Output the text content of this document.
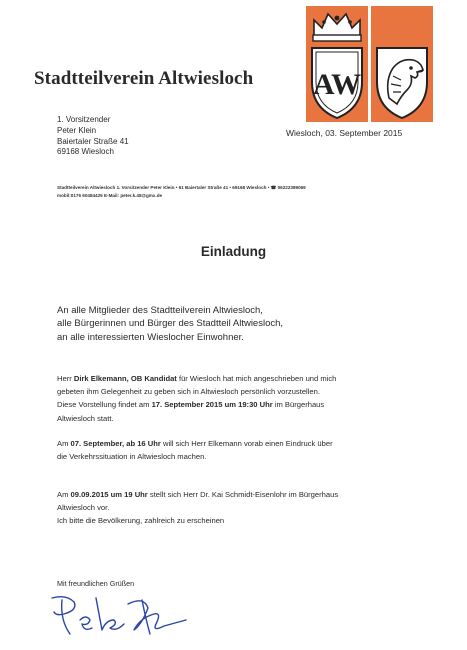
Stadtteilverein Altwiesloch AW
1. Vorsitzender
Peter Klein
Baiertaler Straße 41
69168 Wiesloch
Wiesloch, 03. September 2015
Stadtteilverein Altwiesloch 1. Vorsitzender Peter Klein • 61 Baiertaler Straße 41 • 69168 Wiesloch • ☎ 06222389069
mobil:0176 60484425 E-Mail: peter.k.48@gmx.de
Einladung
An alle Mitglieder des Stadtteilverein Altwiesloch,
alle Bürgerinnen und Bürger des Stadtteil Altwiesloch,
an alle interessierten Wieslocher Einwohner.
Herr Dirk Elkemann, OB Kandidat für Wiesloch hat mich angeschrieben und mich
gebeten ihm Gelegenheit zu geben sich in Altwiesloch persönlich vorzustellen.
Diese Vorstellung findet am 17. September 2015 um 19:30 Uhr im Bürgerhaus
Altwiesloch statt.
Am 07. September, ab 16 Uhr will sich Herr Elkemann vorab einen Eindruck über
die Verkehrssituation in Altwiesloch machen.
Am 09.09.2015 um 19 Uhr stellt sich Herr Dr. Kai Schmidt-Eisenlohr im Bürgerhaus
Altwiesloch vor.
Ich bitte die Bevölkerung, zahlreich zu erscheinen
Mit freundlichen Grüßen
